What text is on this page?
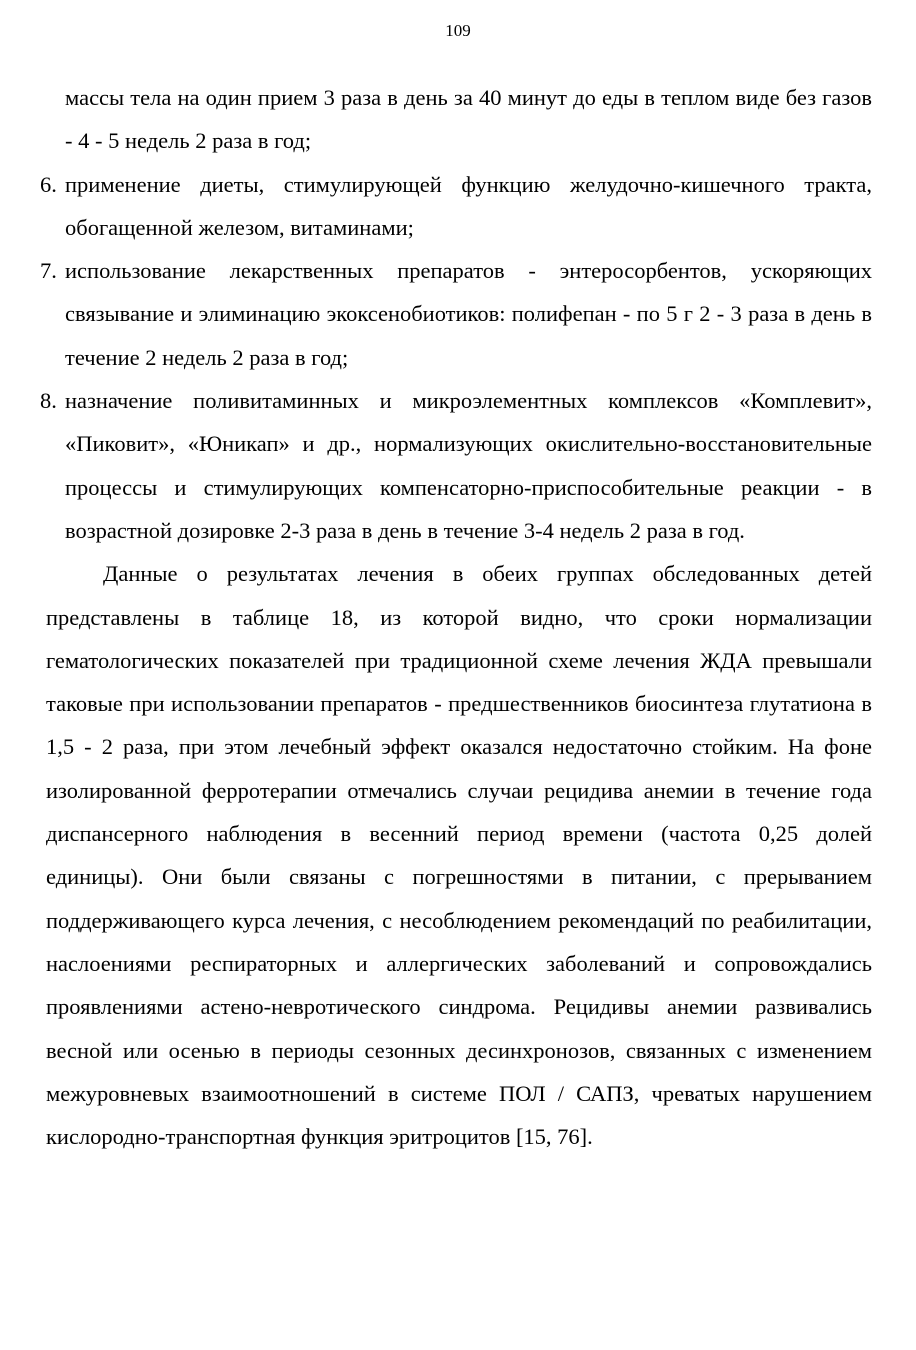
109
массы тела на один прием 3 раза в день за 40 минут до еды в теплом виде без газов - 4 - 5 недель 2 раза в год;
6. применение диеты, стимулирующей функцию желудочно-кишечного тракта, обогащенной железом, витаминами;
7. использование лекарственных препаратов - энтеросорбентов, ускоряющих связывание и элиминацию экоксенобиотиков: полифепан - по 5 г 2 - 3 раза в день в течение 2 недель 2 раза в год;
8. назначение поливитаминных и микроэлементных комплексов «Комплевит», «Пиковит», «Юникап» и др., нормализующих окислительно-восстановительные процессы и стимулирующих компенсаторно-приспособительные реакции - в возрастной дозировке 2-3 раза в день в течение 3-4 недель 2 раза в год.

Данные о результатах лечения в обеих группах обследованных детей представлены в таблице 18, из которой видно, что сроки нормализации гематологических показателей при традиционной схеме лечения ЖДА превышали таковые при использовании препаратов - предшественников биосинтеза глутатиона в 1,5 - 2 раза, при этом лечебный эффект оказался недостаточно стойким. На фоне изолированной ферротерапии отмечались случаи рецидива анемии в течение года диспансерного наблюдения в весенний период времени (частота 0,25 долей единицы). Они были связаны с погрешностями в питании, с прерыванием поддерживающего курса лечения, с несоблюдением рекомендаций по реабилитации, наслоениями респираторных и аллергических заболеваний и сопровождались проявлениями астено-невротического синдрома. Рецидивы анемии развивались весной или осенью в периоды сезонных десинхронозов, связанных с изменением межуровневых взаимоотношений в системе ПОЛ / САПЗ, чреватых нарушением кислородно-транспортная функция эритроцитов [15, 76].
